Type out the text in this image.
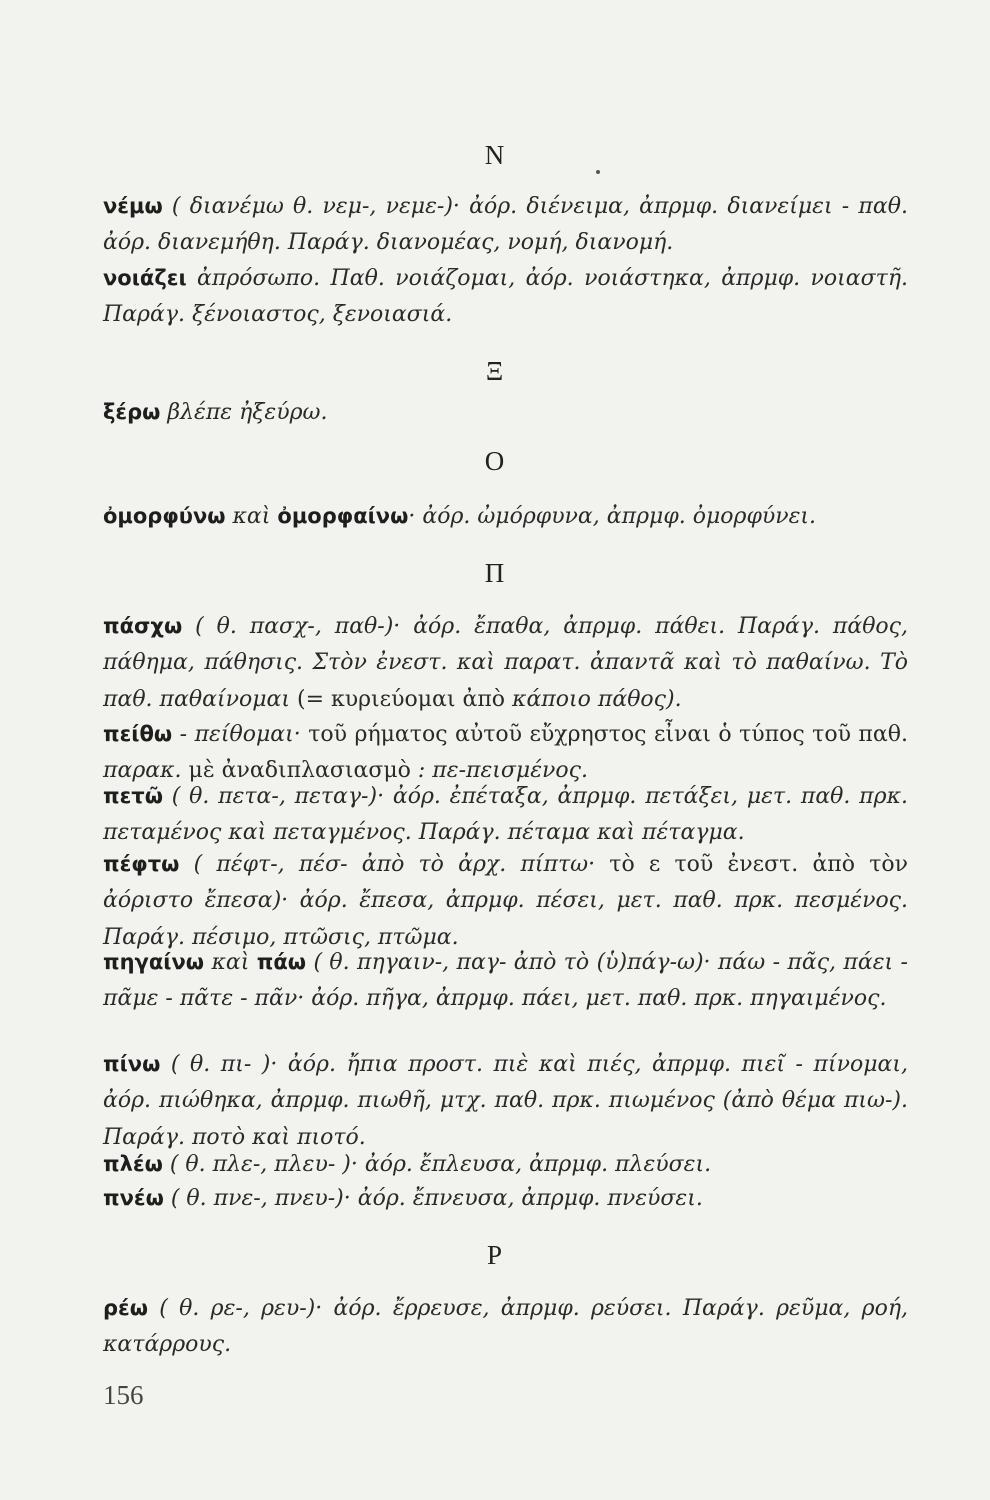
N
νέμω ( διανέμω θ. νεμ-, νεμε-)· ἀόρ. διένειμα, ἀπρμφ. διανείμει - παθ. ἀόρ. διανεμήθη. Παράγ. διανομέας, νομή, διανομή.
νοιάζει ἀπρόσωπο. Παθ. νοιάζομαι, ἀόρ. νοιάστηκα, ἀπρμφ. νοιαστῆ. Παράγ. ξένοιαστος, ξενοιασιά.
Ξ
ξέρω βλέπε ἠξεύρω.
O
ὀμορφύνω καὶ ὀμορφαίνω· ἀόρ. ὠμόρφυνα, ἀπρμφ. ὀμορφύνει.
Π
πάσχω ( θ. πασχ-, παθ-)· ἀόρ. ἔπαθα, ἀπρμφ. πάθει. Παράγ. πάθος, πάθημα, πάθησις. Στὸν ἐνεστ. καὶ παρατ. ἀπαντᾶ καὶ τὸ παθαίνω. Τὸ παθ. παθαίνομαι (= κυριεύομαι ἀπὸ κάποιο πάθος).
πείθω - πείθομαι· τοῦ ρήματος αὐτοῦ εὔχρηστος εἶναι ὁ τύπος τοῦ παθ. παρακ. μὲ ἀναδιπλασιασμὸ : πε-πεισμένος.
πετῶ ( θ. πετα-, πεταγ-)· ἀόρ. ἐπέταξα, ἀπρμφ. πετάξει, μετ. παθ. πρκ. πεταμένος καὶ πεταγμένος. Παράγ. πέταμα καὶ πέταγμα.
πέφτω ( πέφτ-, πέσ- ἀπὸ τὸ ἀρχ. πίπτω· τὸ ε τοῦ ἐνεστ. ἀπὸ τὸν ἀόριστο ἔπεσα)· ἀόρ. ἔπεσα, ἀπρμφ. πέσει, μετ. παθ. πρκ. πεσμένος. Παράγ. πέσιμο, πτῶσις, πτῶμα.
πηγαίνω καὶ πάω ( θ. πηγαιν-, παγ- ἀπὸ τὸ (ὑ)πάγ-ω)· πάω - πᾶς, πάει - πᾶμε - πᾶτε - πᾶν· ἀόρ. πῆγα, ἀπρμφ. πάει, μετ. παθ. πρκ. πηγαιμένος.
πίνω ( θ. πι- )· ἀόρ. ἤπια προστ. πιὲ καὶ πιές, ἀπρμφ. πιεῖ - πίνομαι, ἀόρ. πιώθηκα, ἀπρμφ. πιωθῆ, μτχ. παθ. πρκ. πιωμένος (ἀπὸ θέμα πιω-). Παράγ. ποτὸ καὶ πιοτό.
πλέω ( θ. πλε-, πλευ- )· ἀόρ. ἔπλευσα, ἀπρμφ. πλεύσει.
πνέω ( θ. πνε-, πνευ-)· ἀόρ. ἔπνευσα, ἀπρμφ. πνεύσει.
P
ρέω ( θ. ρε-, ρευ-)· ἀόρ. ἔρρευσε, ἀπρμφ. ρεύσει. Παράγ. ρεῦμα, ροή, κατάρρους.
156
